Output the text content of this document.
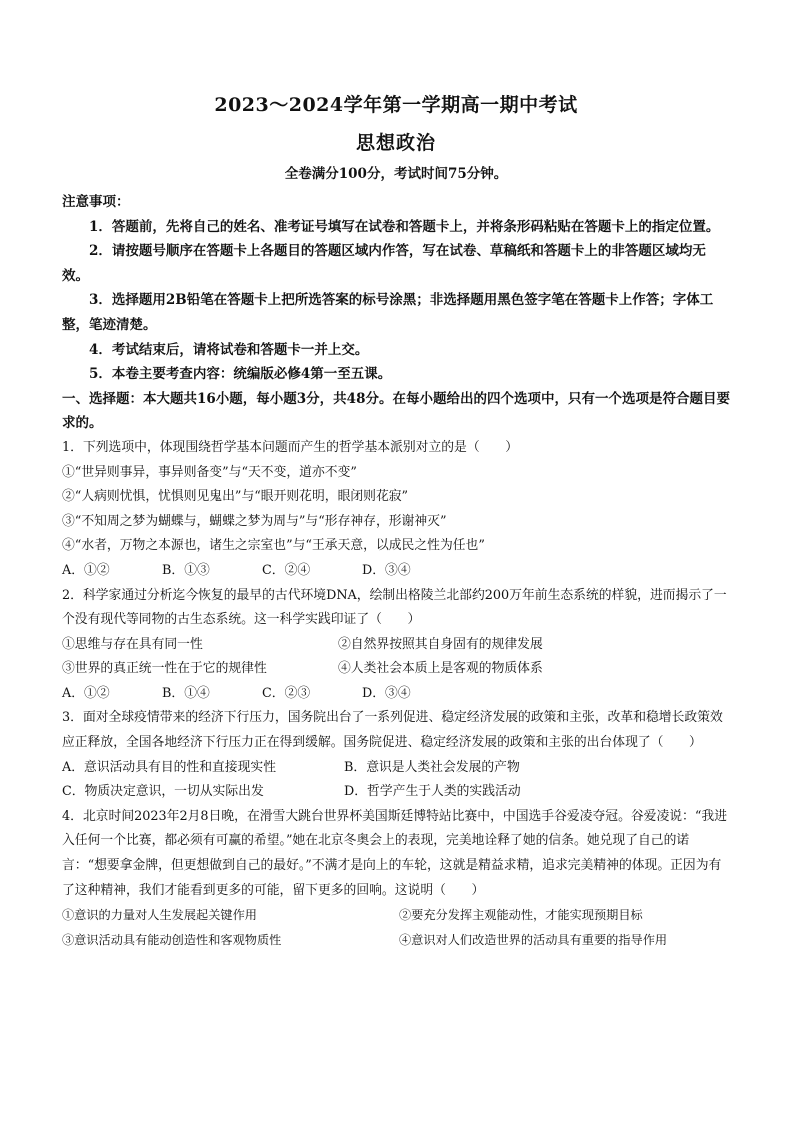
2023～2024学年第一学期高一期中考试

思想政治

全卷满分100分，考试时间75分钟。

注意事项：

1．答题前，先将自己的姓名、准考证号填写在试卷和答题卡上，并将条形码粘贴在答题卡上的指定位置。

2．请按题号顺序在答题卡上各题目的答题区域内作答，写在试卷、草稿纸和答题卡上的非答题区域均无效。

3．选择题用2B铅笔在答题卡上把所选答案的标号涂黑；非选择题用黑色签字笔在答题卡上作答；字体工整，笔迹清楚。

4．考试结束后，请将试卷和答题卡一并上交。

5．本卷主要考查内容：统编版必修4第一至五课。

一、选择题：本大题共16小题，每小题3分，共48分。在每小题给出的四个选项中，只有一个选项是符合题目要求的。

1．下列选项中，体现围绕哲学基本问题而产生的哲学基本派别对立的是（　　）

①“世异则事异，事异则备变”与“天不变，道亦不变”

②“人病则忧惧，忧惧则见鬼出”与“眼开则花明，眼闭则花寂”

③“不知周之梦为蝴蝶与，蝴蝶之梦为周与”与“形存神存，形谢神灭”

④“水者，万物之本源也，诸生之宗室也”与“王承天意，以成民之性为任也”

A．①②	B．①③	C．②④	D．③④

2．科学家通过分析迄今恢复的最早的古代环境DNA，绘制出格陵兰北部约200万年前生态系统的样貌，进而揭示了一个没有现代等同物的古生态系统。这一科学实践印证了（　　）

①思维与存在具有同一性	②自然界按照其自身固有的规律发展
③世界的真正统一性在于它的规律性	④人类社会本质上是客观的物质体系
A．①②	B．①④	C．②③	D．③④

3．面对全球疫情带来的经济下行压力，国务院出台了一系列促进、稳定经济发展的政策和主张，改革和稳增长政策效应正释放，全国各地经济下行压力正在得到缓解。国务院促进、稳定经济发展的政策和主张的出台体现了（　　）

A．意识活动具有目的性和直接现实性	B．意识是人类社会发展的产物
C．物质决定意识，一切从实际出发	D．哲学产生于人类的实践活动

4．北京时间2023年2月8日晚，在滑雪大跳台世界杯美国斯廷博特站比赛中，中国选手谷爱凌夺冠。谷爱凌说：“我进入任何一个比赛，都必须有可赢的希望。”她在北京冬奥会上的表现，完美地诠释了她的信条。她兑现了自己的诺言：“想要拿金牌，但更想做到自己的最好。”不满才是向上的车轮，这就是精益求精，追求完美精神的体现。正因为有了这种精神，我们才能看到更多的可能，留下更多的回响。这说明（　　）

①意识的力量对人生发展起关键作用	②要充分发挥主观能动性，才能实现预期目标
③意识活动具有能动创造性和客观物质性	④意识对人们改造世界的活动具有重要的指导作用
